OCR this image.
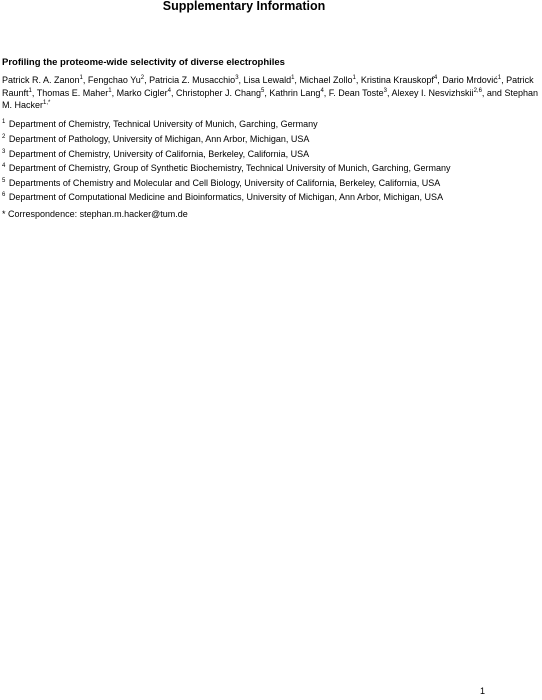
Supplementary Information
Profiling the proteome-wide selectivity of diverse electrophiles
Patrick R. A. Zanon$^1$, Fengchao Yu$^2$, Patricia Z. Musacchio$^3$, Lisa Lewald$^1$, Michael Zollo$^1$, Kristina Krauskopf$^4$, Dario Mrdović$^1$, Patrick Raunft$^1$, Thomas E. Maher$^1$, Marko Cigler$^4$, Christopher J. Chang$^5$, Kathrin Lang$^4$, F. Dean Toste$^3$, Alexey I. Nesvizhskii$^{2,6}$, and Stephan M. Hacker$^{1,*}$
$^1$ Department of Chemistry, Technical University of Munich, Garching, Germany
$^2$ Department of Pathology, University of Michigan, Ann Arbor, Michigan, USA
$^3$ Department of Chemistry, University of California, Berkeley, California, USA
$^4$ Department of Chemistry, Group of Synthetic Biochemistry, Technical University of Munich, Garching, Germany
$^5$ Departments of Chemistry and Molecular and Cell Biology, University of California, Berkeley, California, USA
$^6$ Department of Computational Medicine and Bioinformatics, University of Michigan, Ann Arbor, Michigan, USA
* Correspondence: stephan.m.hacker@tum.de
1
